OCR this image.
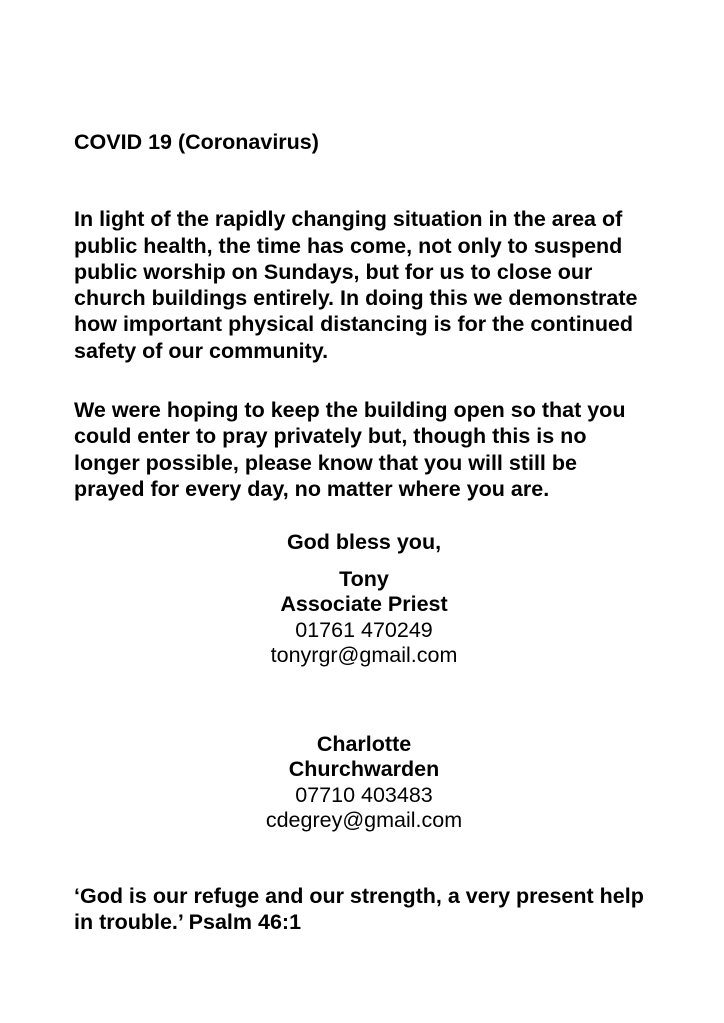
COVID 19 (Coronavirus)
In light of the rapidly changing situation in the area of
public health, the time has come, not only to suspend
public worship on Sundays, but for us to close our
church buildings entirely. In doing this we demonstrate
how important physical distancing is for the continued
safety of our community.
We were hoping to keep the building open so that you
could enter to pray privately but, though this is no
longer possible, please know that you will still be
prayed for every day, no matter where you are.
God bless you,
Tony
Associate Priest
01761 470249
tonyrgr@gmail.com
Charlotte
Churchwarden
07710 403483
cdegrey@gmail.com
‘God is our refuge and our strength, a very present help
in trouble.’ Psalm 46:1
